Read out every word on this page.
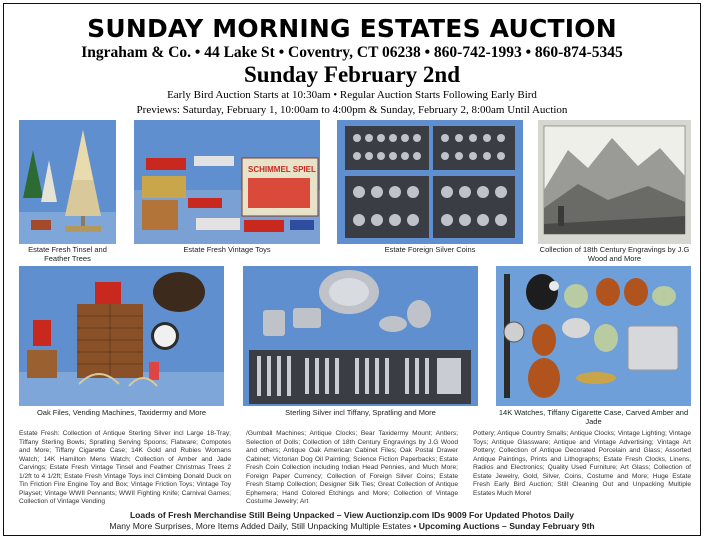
SUNDAY MORNING ESTATES AUCTION
Ingraham & Co. • 44 Lake St • Coventry, CT 06238 • 860-742-1993 • 860-874-5345
Sunday February 2nd
Early Bird Auction Starts at 10:30am • Regular Auction Starts Following Early Bird
Previews: Saturday, February 1, 10:00am to 4:00pm & Sunday, February 2, 8:00am Until Auction
Estate Fresh Tinsel and Feather Trees
SCHIMMEL SPIEL
Estate Fresh Vintage Toys	Estate Foreign Silver Coins	Collection of 18th Century Engravings by J.G Wood and More
Oak Files, Vending Machines, Taxidermy and More	Sterling Silver incl Tiffany, Spratling and More	14K Watches, Tiffany Cigarette Case, Carved Amber and Jade
Estate Fresh: Collection of Antique Sterling Silver incl Large 18-Tray; Tiffany Sterling Bowls; Spratling Serving Spoons; Flatware; Compotes and More; Tiffany Cigarette Case; 14K Gold and Rubies Womans Watch; 14K Hamilton Mens Watch; Collection of Amber and Jade Carvings; Estate Fresh Vintage Tinsel and Feather Christmas Trees 2 1/2ft to 4 1/2ft; Estate Fresh Vintage Toys incl Climbing Donald Duck on Tin Friction Fire Engine Toy and Box; Vintage Friction Toys; Vintage Toy Playset; Vintage WWII Pennants; WWII Fighting Knife; Carnival Games; Collection of Vintage Vending
/Gumball Machines; Antique Clocks; Bear Taxidermy Mount; Antlers; Selection of Dolls; Collection of 18th Century Engravings by J.G Wood and others; Antique Oak American Cabinet Files; Oak Postal Drawer Cabinet; Victorian Dog Oil Painting; Science Fiction Paperbacks; Estate Fresh Coin Collection including Indian Head Pennies, and Much More; Foreign Paper Currency; Collection of Foreign Silver Coins; Estate Fresh Stamp Collection; Designer Silk Ties; Great Collection of Antique Ephemera; Hand Colored Etchings and More; Collection of Vintage Costume Jewelry; Art
Pottery; Antique Country Smalls; Antique Clocks; Vintage Lighting; Vintage Toys; Antique Glassware; Antique and Vintage Advertising; Vintage Art Pottery; Collection of Antique Decorated Porcelain and Glass; Assorted Antique Paintings, Prints and Lithographs; Estate Fresh Clocks, Linens, Radios and Electronics; Quality Used Furniture; Art Glass; Collection of Estate Jewelry, Gold, Silver, Coins, Costume and More; Huge Estate Fresh Early Bird Auction; Still Cleaning Out and Unpacking Multiple Estates Much More!
Loads of Fresh Merchandise Still Being Unpacked – View Auctionzip.com IDs 9009 For Updated Photos Daily
Many More Surprises, More Items Added Daily, Still Unpacking Multiple Estates • Upcoming Auctions – Sunday February 9th
